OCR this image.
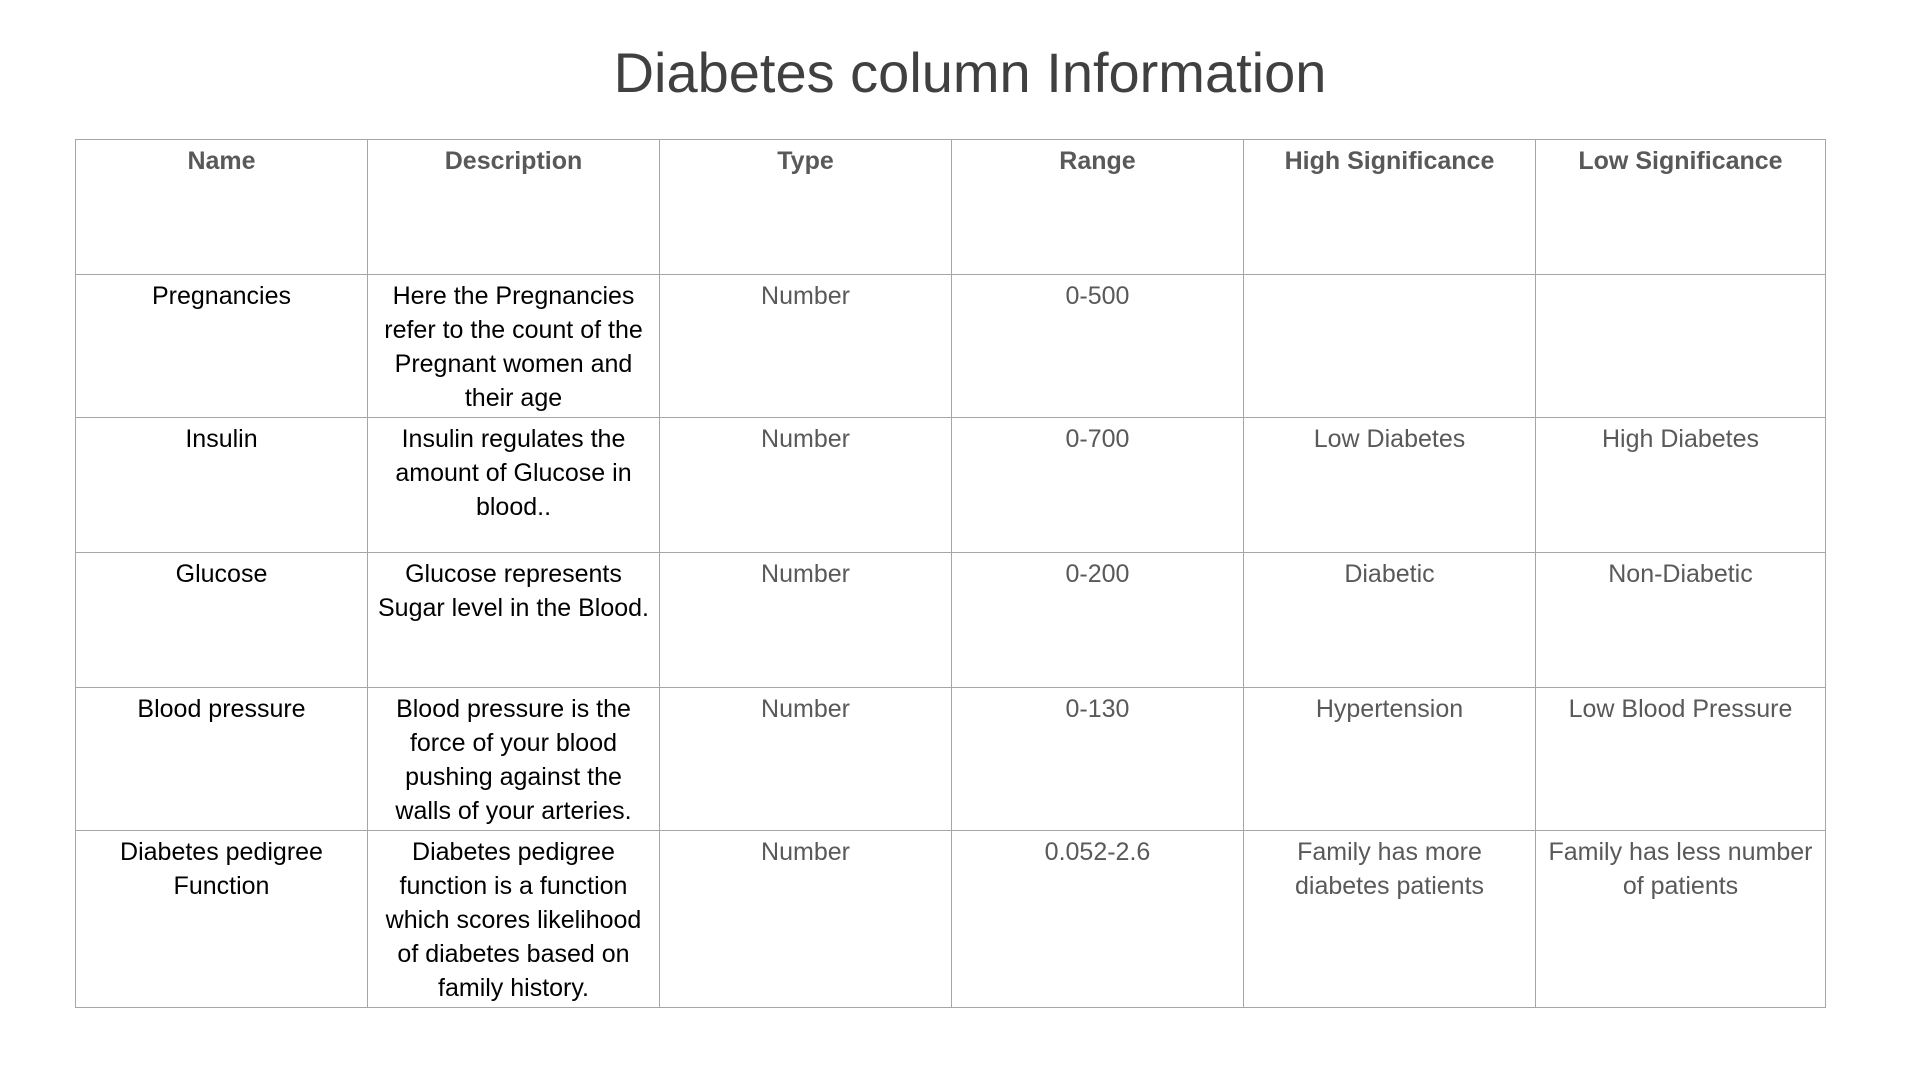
Diabetes column Information
Name	Description	Type	Range	High Significance	Low Significance
Pregnancies	Here the Pregnancies refer to the count of the Pregnant women and their age	Number	0-500		
Insulin	Insulin regulates the amount of Glucose in blood..	Number	0-700	Low Diabetes	High Diabetes
Glucose	Glucose represents Sugar level in the Blood.	Number	0-200	Diabetic	Non-Diabetic
Blood pressure	Blood pressure is the force of your blood pushing against the walls of your arteries.	Number	0-130	Hypertension	Low Blood Pressure
Diabetes pedigree Function	Diabetes pedigree function is a function which scores likelihood of diabetes based on family history.	Number	0.052-2.6	Family has more diabetes patients	Family has less number of patients
